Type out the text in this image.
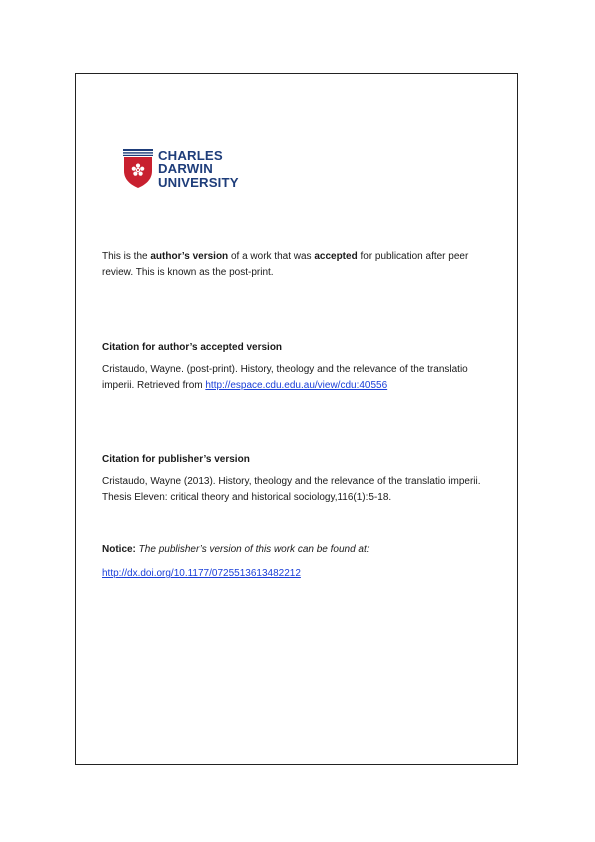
CHARLES
DARWIN
UNIVERSITY
This is the author’s version of a work that was accepted for publication after peer review. This is known as the post-print.
Citation for author’s accepted version
Cristaudo, Wayne. (post-print). History, theology and the relevance of the translatio imperii. Retrieved from http://espace.cdu.edu.au/view/cdu:40556
Citation for publisher’s version
Cristaudo, Wayne (2013). History, theology and the relevance of the translatio imperii. Thesis Eleven: critical theory and historical sociology,116(1):5-18.
Notice: The publisher’s version of this work can be found at:
http://dx.doi.org/10.1177/0725513613482212
